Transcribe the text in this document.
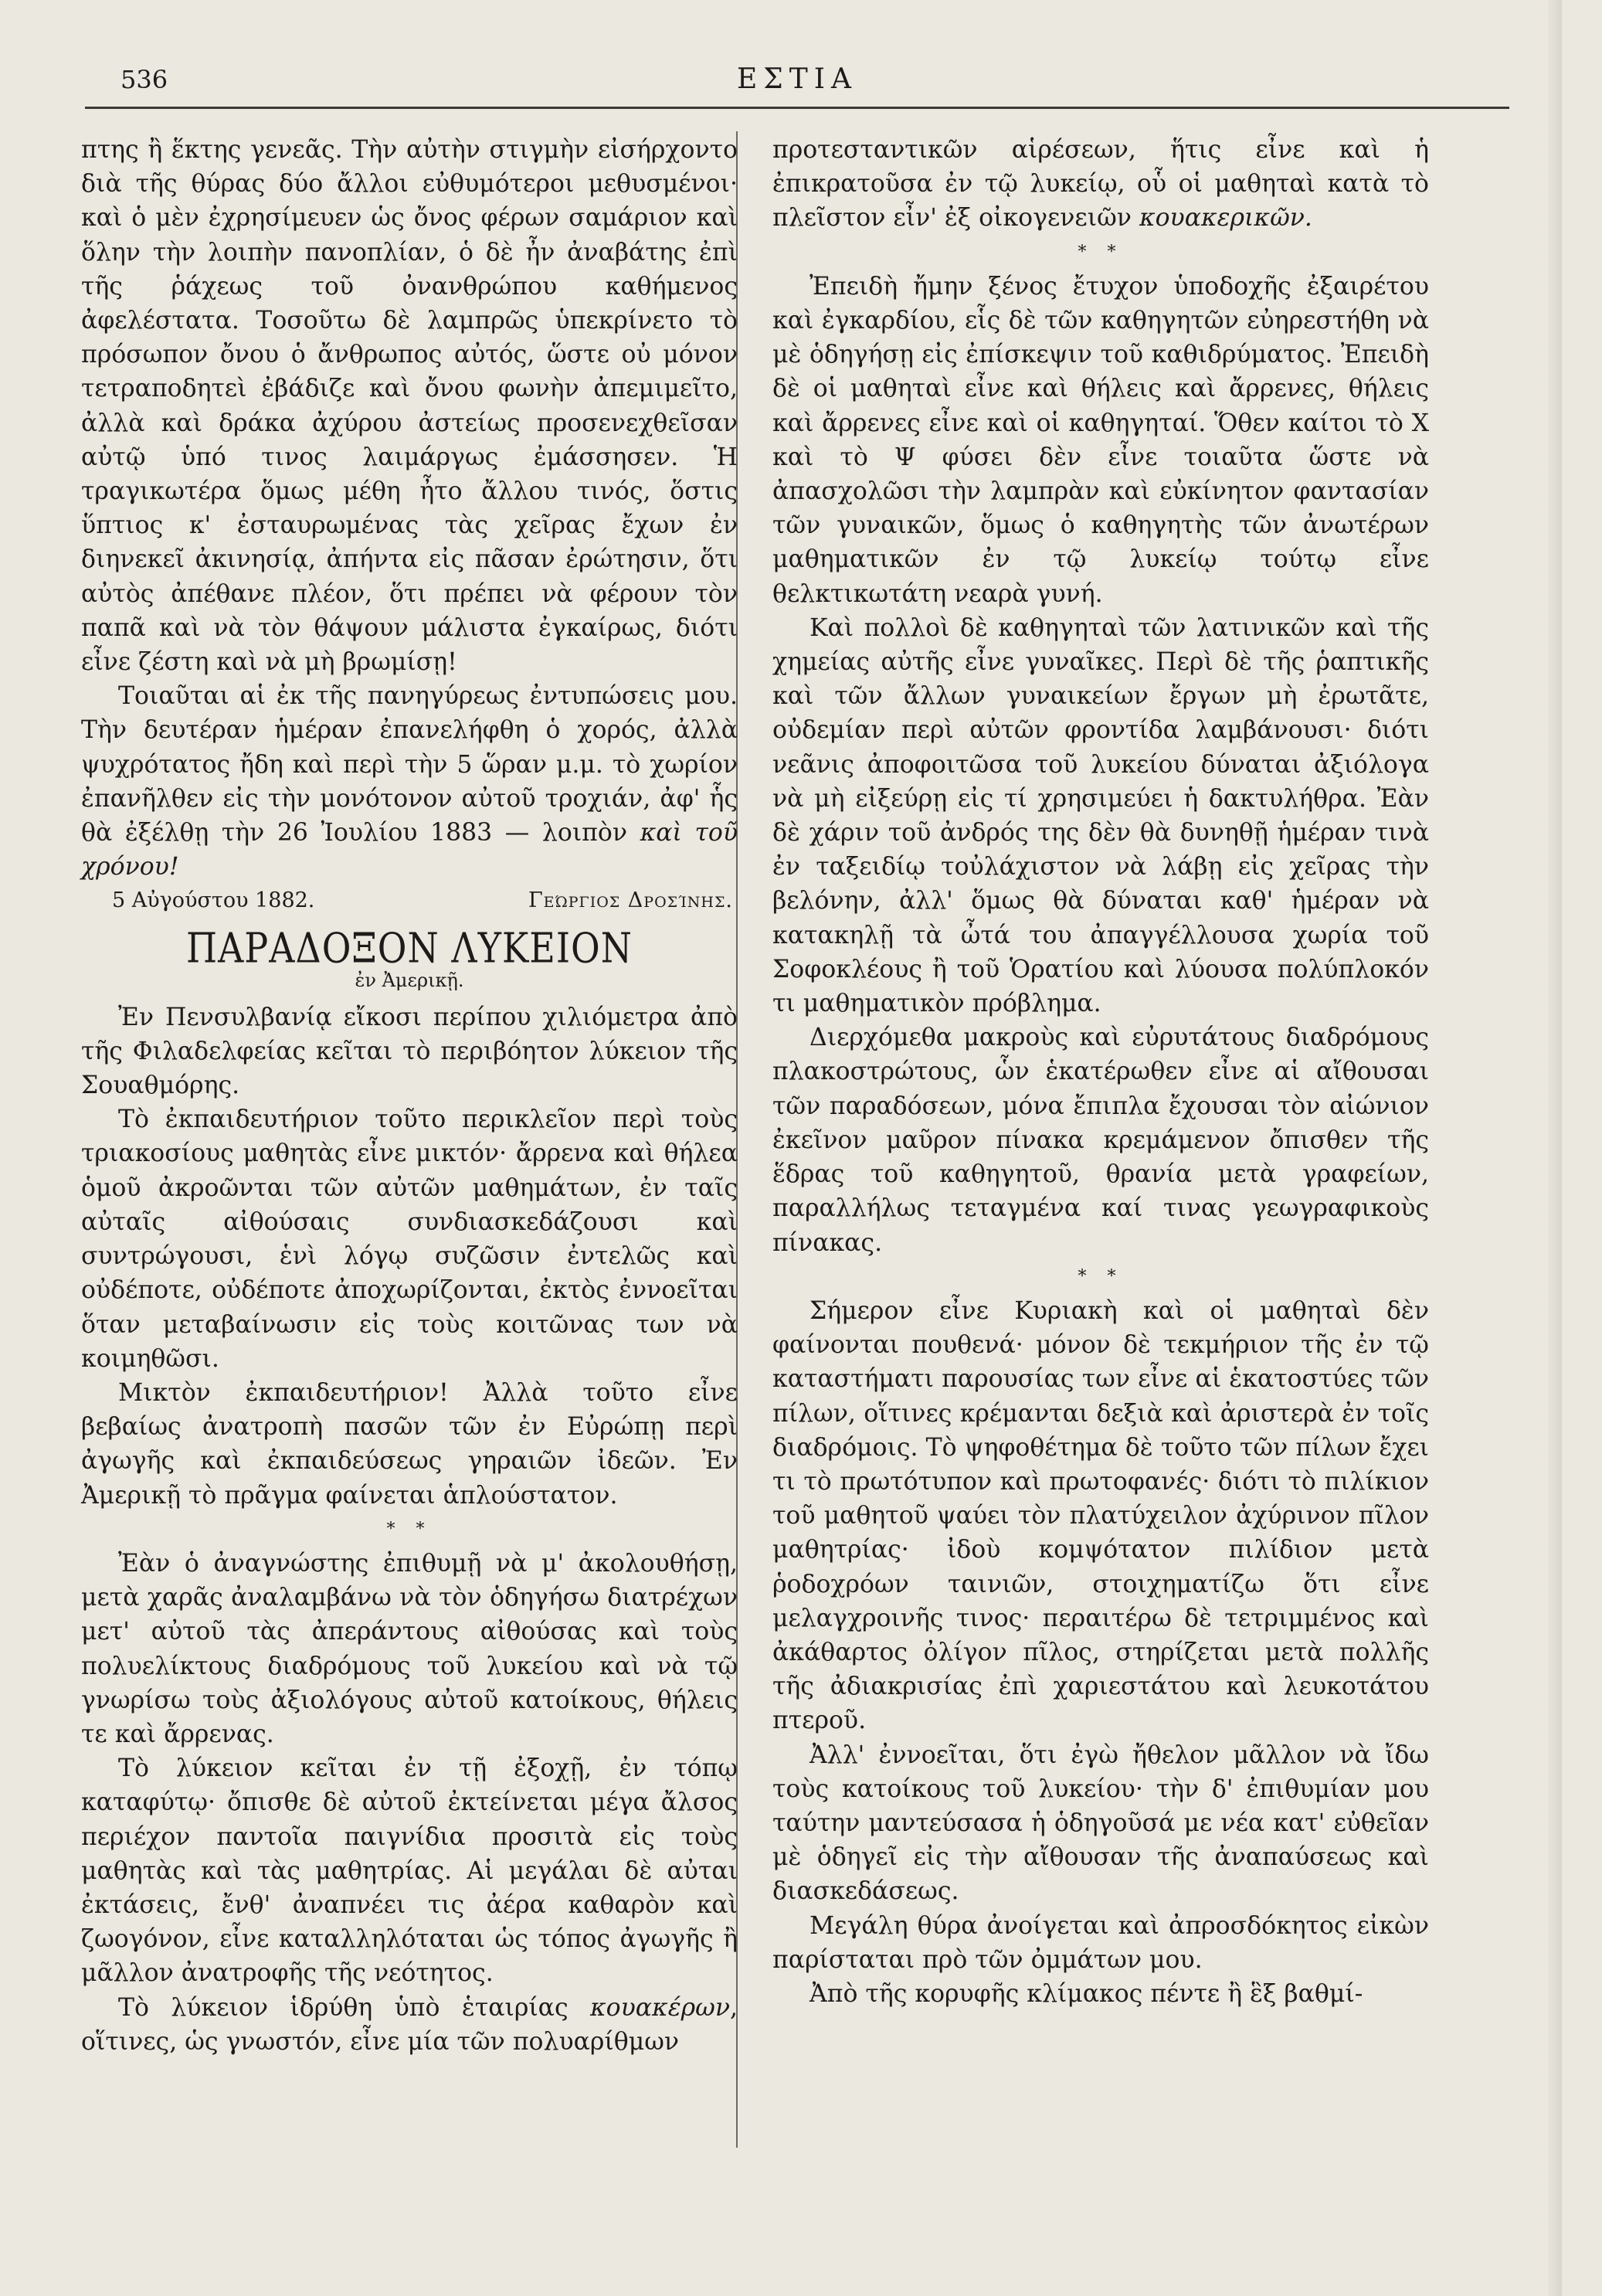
536	ΕΣΤΙΑ

πτης ἢ ἕκτης γενεᾶς. Τὴν αὐτὴν στιγμὴν εἰσήρχοντο διὰ τῆς θύρας δύο ἄλλοι εὐθυμότεροι μεθυσμένοι· καὶ ὁ μὲν ἐχρησίμευεν ὡς ὄνος φέρων σαμάριον καὶ ὅλην τὴν λοιπὴν πανοπλίαν, ὁ δὲ ἦν ἀναβάτης ἐπὶ τῆς ῥάχεως τοῦ ὀνανθρώπου καθήμενος ἀφελέστατα. Τοσοῦτω δὲ λαμπρῶς ὑπεκρίνετο τὸ πρόσωπον ὄνου ὁ ἄνθρωπος αὐτός, ὥστε οὐ μόνον τετραποδητεὶ ἐβάδιζε καὶ ὄνου φωνὴν ἀπεμιμεῖτο, ἀλλὰ καὶ δράκα ἀχύρου ἀστείως προσενεχθεῖσαν αὐτῷ ὑπό τινος λαιμάργως ἐμάσσησεν. Ἡ τραγικωτέρα ὅμως μέθη ἦτο ἄλλου τινός, ὅστις ὕπτιος κ' ἐσταυρωμένας τὰς χεῖρας ἔχων ἐν διηνεκεῖ ἀκινησίᾳ, ἀπήντα εἰς πᾶσαν ἐρώτησιν, ὅτι αὐτὸς ἀπέθανε πλέον, ὅτι πρέπει νὰ φέρουν τὸν παπᾶ καὶ νὰ τὸν θάψουν μάλιστα ἐγκαίρως, διότι εἶνε ζέστη καὶ νὰ μὴ βρωμίσῃ!

Τοιαῦται αἱ ἐκ τῆς πανηγύρεως ἐντυπώσεις μου. Τὴν δευτέραν ἡμέραν ἐπανελήφθη ὁ χορός, ἀλλὰ ψυχρότατος ἤδη καὶ περὶ τὴν 5 ὥραν μ.μ. τὸ χωρίον ἐπανῆλθεν εἰς τὴν μονότονον αὐτοῦ τροχιάν, ἀφ' ἧς θὰ ἐξέλθῃ τὴν 26 Ἰουλίου 1883 — λοιπὸν καὶ τοῦ χρόνου!

5 Αὐγούστου 1882.	Γεώργιος Δροσίνης.
ΠΑΡΑΔΟΞΟΝ ΛΥΚΕΙΟΝ
ἐν Ἀμερικῇ.

Ἐν Πενσυλβανίᾳ εἴκοσι περίπου χιλιόμετρα ἀπὸ τῆς Φιλαδελφείας κεῖται τὸ περιβόητον λύκειον τῆς Σουαθμόρης.

Τὸ ἐκπαιδευτήριον τοῦτο περικλεῖον περὶ τοὺς τριακοσίους μαθητὰς εἶνε μικτόν· ἄρρενα καὶ θήλεα ὁμοῦ ἀκροῶνται τῶν αὐτῶν μαθημάτων, ἐν ταῖς αὐταῖς αἰθούσαις συνδιασκεδάζουσι καὶ συντρώγουσι, ἑνὶ λόγῳ συζῶσιν ἐντελῶς καὶ οὐδέποτε, οὐδέποτε ἀποχωρίζονται, ἐκτὸς ἐννοεῖται ὅταν μεταβαίνωσιν εἰς τοὺς κοιτῶνας των νὰ κοιμηθῶσι.

Μικτὸν ἐκπαιδευτήριον! Ἀλλὰ τοῦτο εἶνε βεβαίως ἀνατροπὴ πασῶν τῶν ἐν Εὐρώπῃ περὶ ἀγωγῆς καὶ ἐκπαιδεύσεως γηραιῶν ἰδεῶν. Ἐν Ἀμερικῇ τὸ πρᾶγμα φαίνεται ἁπλούστατον.

* *

Ἐὰν ὁ ἀναγνώστης ἐπιθυμῇ νὰ μ' ἀκολουθήσῃ, μετὰ χαρᾶς ἀναλαμβάνω νὰ τὸν ὁδηγήσω διατρέχων μετ' αὐτοῦ τὰς ἀπεράντους αἰθούσας καὶ τοὺς πολυελίκτους διαδρόμους τοῦ λυκείου καὶ νὰ τῷ γνωρίσω τοὺς ἀξιολόγους αὐτοῦ κατοίκους, θήλεις τε καὶ ἄρρενας.

Τὸ λύκειον κεῖται ἐν τῇ ἐξοχῇ, ἐν τόπῳ καταφύτῳ· ὄπισθε δὲ αὐτοῦ ἐκτείνεται μέγα ἄλσος περιέχον παντοῖα παιγνίδια προσιτὰ εἰς τοὺς μαθητὰς καὶ τὰς μαθητρίας. Αἱ μεγάλαι δὲ αὐται ἐκτάσεις, ἔνθ' ἀναπνέει τις ἀέρα καθαρὸν καὶ ζωογόνον, εἶνε καταλληλόταται ὡς τόπος ἀγωγῆς ἢ μᾶλλον ἀνατροφῆς τῆς νεότητος.

Τὸ λύκειον ἱδρύθη ὑπὸ ἑταιρίας κουακέρων, οἵτινες, ὡς γνωστόν, εἶνε μία τῶν πολυαρίθμων

προτεσταντικῶν αἱρέσεων, ἥτις εἶνε καὶ ἡ ἐπικρατοῦσα ἐν τῷ λυκείῳ, οὗ οἱ μαθηταὶ κατὰ τὸ πλεῖστον εἶν' ἐξ οἰκογενειῶν κουακερικῶν.

* *

Ἐπειδὴ ἤμην ξένος ἔτυχον ὑποδοχῆς ἐξαιρέτου καὶ ἐγκαρδίου, εἷς δὲ τῶν καθηγητῶν εὐηρεστήθη νὰ μὲ ὁδηγήσῃ εἰς ἐπίσκεψιν τοῦ καθιδρύματος. Ἐπειδὴ δὲ οἱ μαθηταὶ εἶνε καὶ θήλεις καὶ ἄρρενες, θήλεις καὶ ἄρρενες εἶνε καὶ οἱ καθηγηταί. Ὅθεν καίτοι τὸ X καὶ τὸ Ψ φύσει δὲν εἶνε τοιαῦτα ὥστε νὰ ἀπασχολῶσι τὴν λαμπρὰν καὶ εὐκίνητον φαντασίαν τῶν γυναικῶν, ὅμως ὁ καθηγητὴς τῶν ἀνωτέρων μαθηματικῶν ἐν τῷ λυκείῳ τούτῳ εἶνε θελκτικωτάτη νεαρὰ γυνή.

Καὶ πολλοὶ δὲ καθηγηταὶ τῶν λατινικῶν καὶ τῆς χημείας αὐτῆς εἶνε γυναῖκες. Περὶ δὲ τῆς ῥαπτικῆς καὶ τῶν ἄλλων γυναικείων ἔργων μὴ ἐρωτᾶτε, οὐδεμίαν περὶ αὐτῶν φροντίδα λαμβάνουσι· διότι νεᾶνις ἀποφοιτῶσα τοῦ λυκείου δύναται ἀξιόλογα νὰ μὴ εἰξεύρῃ εἰς τί χρησιμεύει ἡ δακτυλήθρα. Ἐὰν δὲ χάριν τοῦ ἀνδρός της δὲν θὰ δυνηθῇ ἡμέραν τινὰ ἐν ταξειδίῳ τοὐλάχιστον νὰ λάβῃ εἰς χεῖρας τὴν βελόνην, ἀλλ' ὅμως θὰ δύναται καθ' ἡμέραν νὰ κατακηλῇ τὰ ὦτά του ἀπαγγέλλουσα χωρία τοῦ Σοφοκλέους ἢ τοῦ Ὁρατίου καὶ λύουσα πολύπλοκόν τι μαθηματικὸν πρόβλημα.

Διερχόμεθα μακροὺς καὶ εὐρυτάτους διαδρόμους πλακοστρώτους, ὧν ἑκατέρωθεν εἶνε αἱ αἴθουσαι τῶν παραδόσεων, μόνα ἔπιπλα ἔχουσαι τὸν αἰώνιον ἐκεῖνον μαῦρον πίνακα κρεμάμενον ὄπισθεν τῆς ἕδρας τοῦ καθηγητοῦ, θρανία μετὰ γραφείων, παραλλήλως τεταγμένα καί τινας γεωγραφικοὺς πίνακας.

* *

Σήμερον εἶνε Κυριακὴ καὶ οἱ μαθηταὶ δὲν φαίνονται πουθενά· μόνον δὲ τεκμήριον τῆς ἐν τῷ καταστήματι παρουσίας των εἶνε αἱ ἑκατοστύες τῶν πίλων, οἵτινες κρέμανται δεξιὰ καὶ ἀριστερὰ ἐν τοῖς διαδρόμοις. Τὸ ψηφοθέτημα δὲ τοῦτο τῶν πίλων ἔχει τι τὸ πρωτότυπον καὶ πρωτοφανές· διότι τὸ πιλίκιον τοῦ μαθητοῦ ψαύει τὸν πλατύχειλον ἀχύρινον πῖλον μαθητρίας· ἰδοὺ κομψότατον πιλίδιον μετὰ ῥοδοχρόων ταινιῶν, στοιχηματίζω ὅτι εἶνε μελαγχροινῆς τινος· περαιτέρω δὲ τετριμμένος καὶ ἀκάθαρτος ὀλίγον πῖλος, στηρίζεται μετὰ πολλῆς τῆς ἀδιακρισίας ἐπὶ χαριεστάτου καὶ λευκοτάτου πτεροῦ.

Ἀλλ' ἐννοεῖται, ὅτι ἐγὼ ἤθελον μᾶλλον νὰ ἴδω τοὺς κατοίκους τοῦ λυκείου· τὴν δ' ἐπιθυμίαν μου ταύτην μαντεύσασα ἡ ὁδηγοῦσά με νέα κατ' εὐθεῖαν μὲ ὁδηγεῖ εἰς τὴν αἴθουσαν τῆς ἀναπαύσεως καὶ διασκεδάσεως.

Μεγάλη θύρα ἀνοίγεται καὶ ἀπροσδόκητος εἰκὼν παρίσταται πρὸ τῶν ὀμμάτων μου.

Ἀπὸ τῆς κορυφῆς κλίμακος πέντε ἢ ἓξ βαθμί-
